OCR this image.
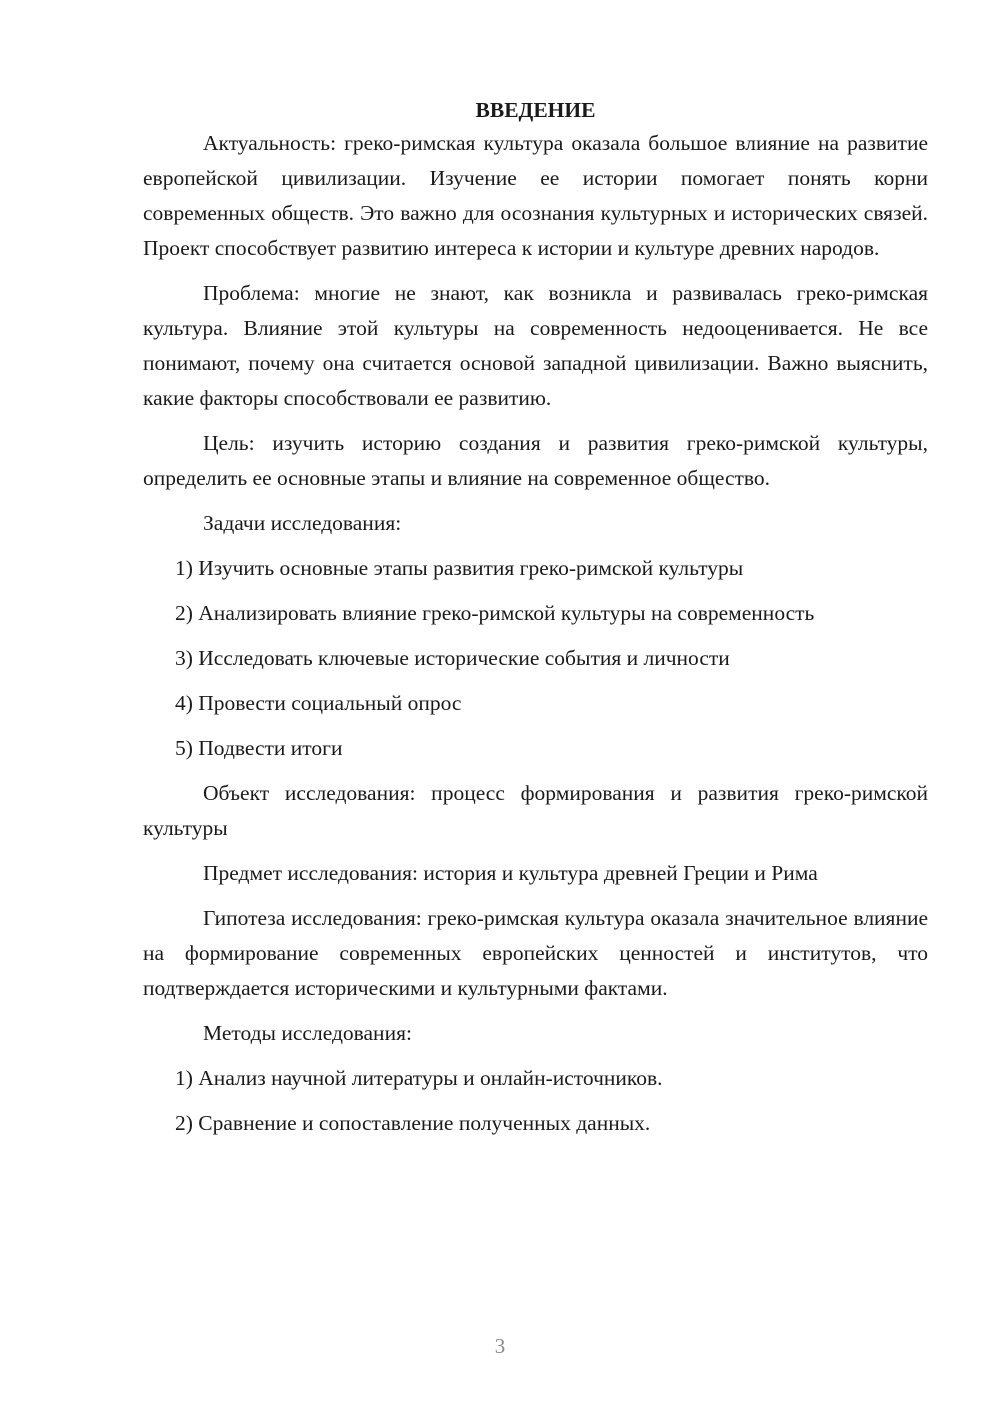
ВВЕДЕНИЕ

Актуальность: греко-римская культура оказала большое влияние на развитие европейской цивилизации. Изучение ее истории помогает понять корни современных обществ. Это важно для осознания культурных и исторических связей. Проект способствует развитию интереса к истории и культуре древних народов.

Проблема: многие не знают, как возникла и развивалась греко-римская культура. Влияние этой культуры на современность недооценивается. Не все понимают, почему она считается основой западной цивилизации. Важно выяснить, какие факторы способствовали ее развитию.

Цель: изучить историю создания и развития греко-римской культуры, определить ее основные этапы и влияние на современное общество.

Задачи исследования:

1) Изучить основные этапы развития греко-римской культуры

2) Анализировать влияние греко-римской культуры на современность

3) Исследовать ключевые исторические события и личности

4) Провести социальный опрос

5) Подвести итоги

Объект исследования: процесс формирования и развития греко-римской культуры

Предмет исследования: история и культура древней Греции и Рима

Гипотеза исследования: греко-римская культура оказала значительное влияние на формирование современных европейских ценностей и институтов, что подтверждается историческими и культурными фактами.

Методы исследования:

1) Анализ научной литературы и онлайн-источников.

2) Сравнение и сопоставление полученных данных.

3
